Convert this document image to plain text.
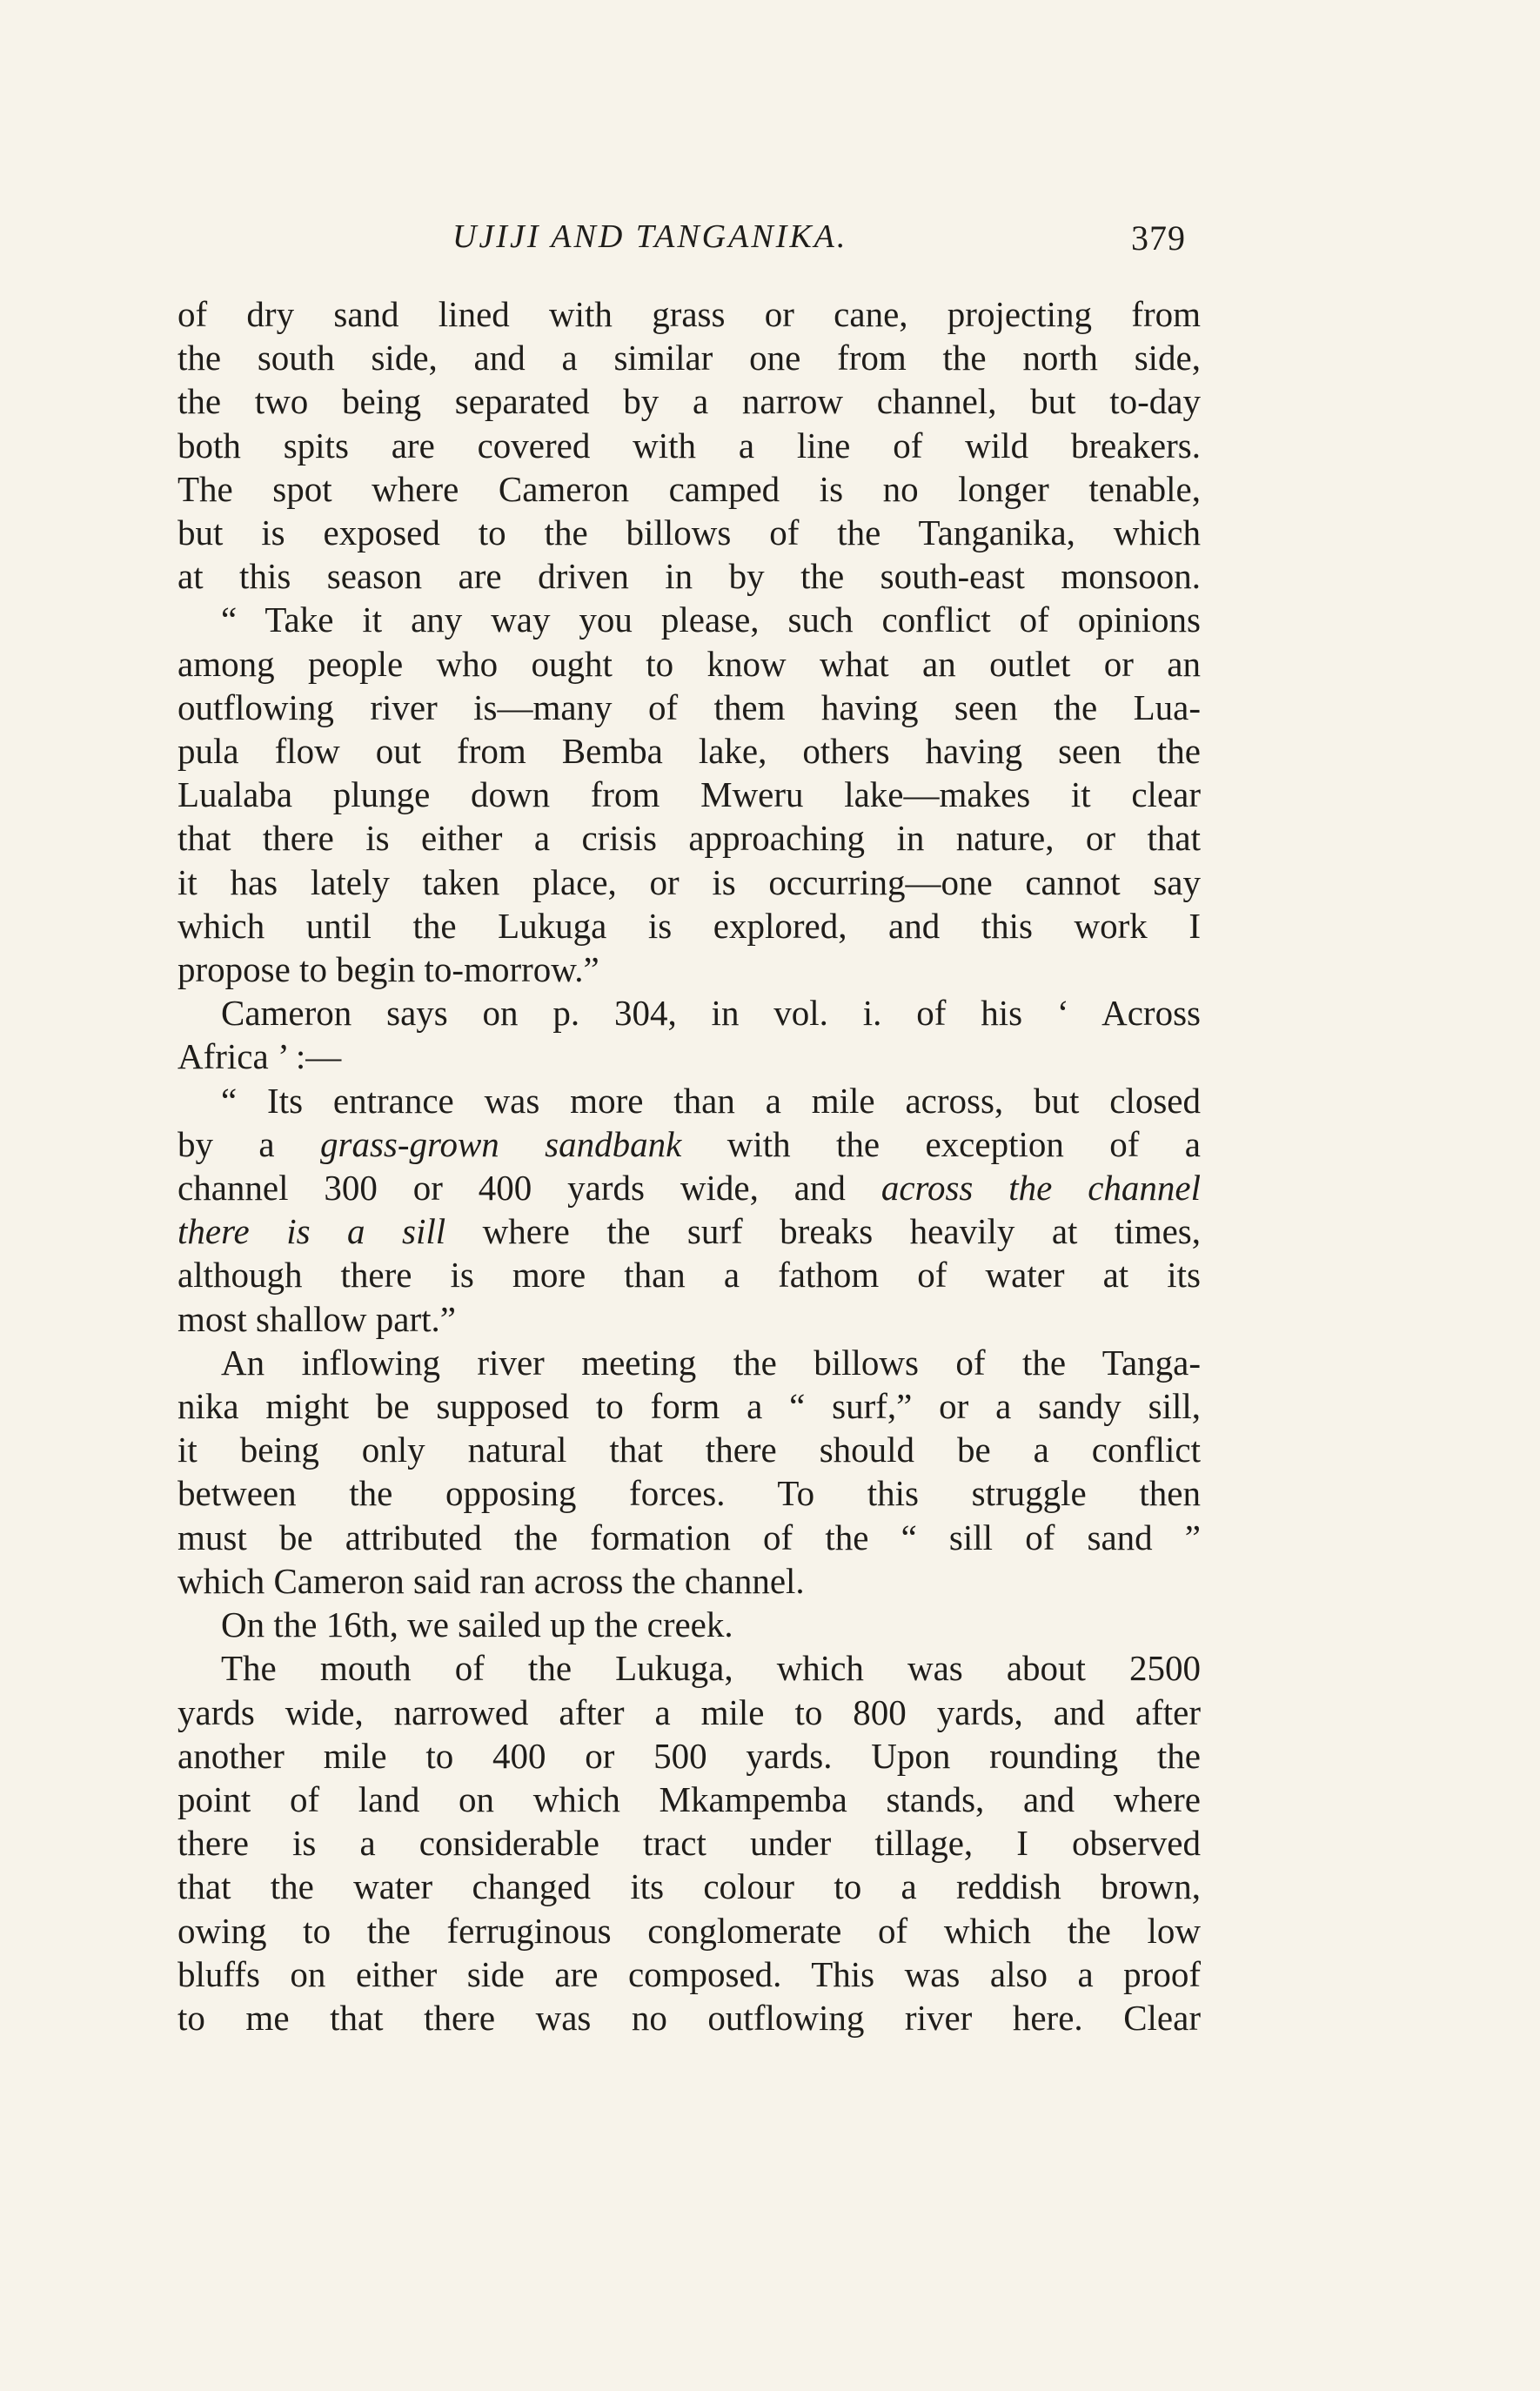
UJIJI AND TANGANIKA.	379
of dry sand lined with grass or cane, projecting from
the south side, and a similar one from the north side,
the two being separated by a narrow channel, but to-day
both spits are covered with a line of wild breakers.
The spot where Cameron camped is no longer tenable,
but is exposed to the billows of the Tanganika, which
at this season are driven in by the south-east monsoon.
“ Take it any way you please, such conflict of opinions
among people who ought to know what an outlet or an
outflowing river is—many of them having seen the Lua-
pula flow out from Bemba lake, others having seen the
Lualaba plunge down from Mweru lake—makes it clear
that there is either a crisis approaching in nature, or that
it has lately taken place, or is occurring—one cannot say
which until the Lukuga is explored, and this work I
propose to begin to-morrow.”
Cameron says on p. 304, in vol. i. of his ‘ Across
Africa ’ :—
“ Its entrance was more than a mile across, but closed
by a grass-grown sandbank with the exception of a
channel 300 or 400 yards wide, and across the channel
there is a sill where the surf breaks heavily at times,
although there is more than a fathom of water at its
most shallow part.”
An inflowing river meeting the billows of the Tanga-
nika might be supposed to form a “ surf,” or a sandy sill,
it being only natural that there should be a conflict
between the opposing forces. To this struggle then
must be attributed the formation of the “ sill of sand ”
which Cameron said ran across the channel.
On the 16th, we sailed up the creek.
The mouth of the Lukuga, which was about 2500
yards wide, narrowed after a mile to 800 yards, and after
another mile to 400 or 500 yards. Upon rounding the
point of land on which Mkampemba stands, and where
there is a considerable tract under tillage, I observed
that the water changed its colour to a reddish brown,
owing to the ferruginous conglomerate of which the low
bluffs on either side are composed. This was also a proof
to me that there was no outflowing river here. Clear
